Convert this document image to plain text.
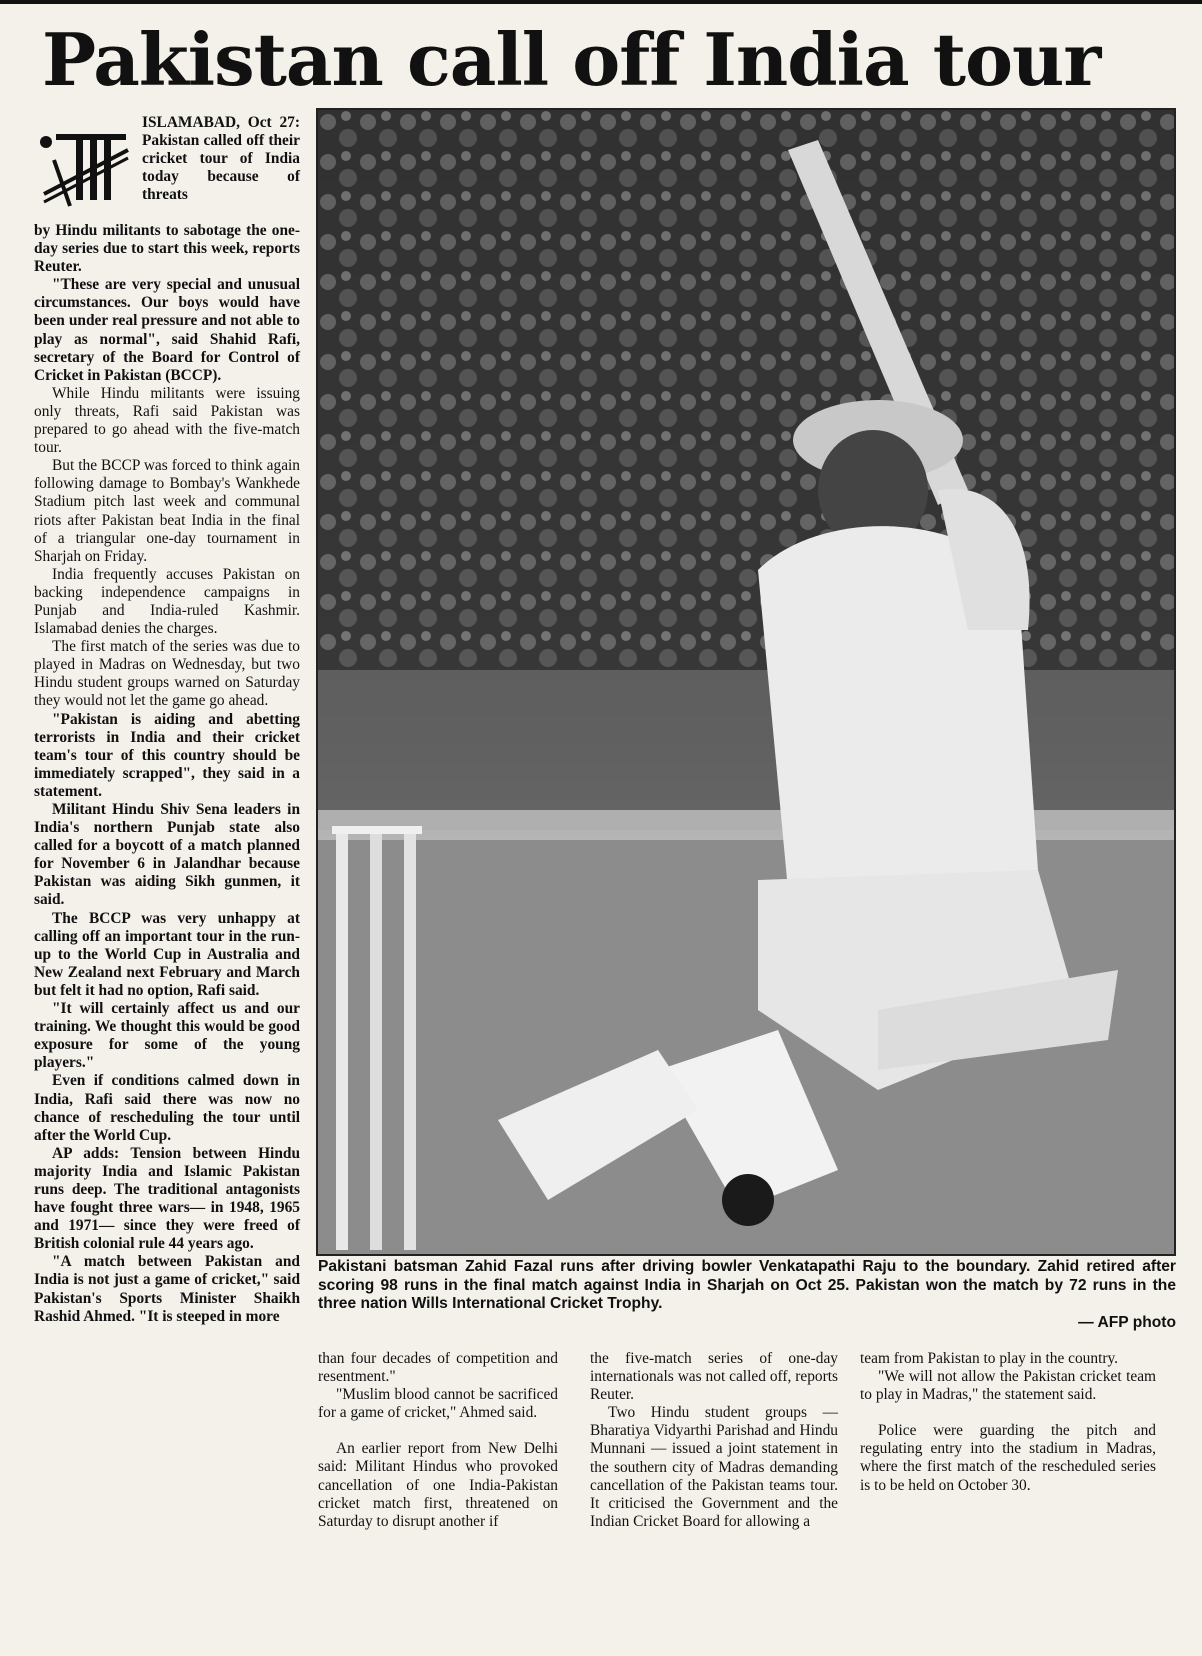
Pakistan call off India tour

ISLAMABAD, Oct 27: Pakistan called off their cricket tour of India today because of threats

by Hindu militants to sabotage the one-day series due to start this week, reports Reuter.

"These are very special and unusual circumstances. Our boys would have been under real pressure and not able to play as normal", said Shahid Rafi, secretary of the Board for Control of Cricket in Pakistan (BCCP).

While Hindu militants were issuing only threats, Rafi said Pakistan was prepared to go ahead with the five-match tour.

But the BCCP was forced to think again following damage to Bombay's Wankhede Stadium pitch last week and communal riots after Pakistan beat India in the final of a triangular one-day tournament in Sharjah on Friday.

India frequently accuses Pakistan on backing independence campaigns in Punjab and India-ruled Kashmir. Islamabad denies the charges.

The first match of the series was due to played in Madras on Wednesday, but two Hindu student groups warned on Saturday they would not let the game go ahead.

"Pakistan is aiding and abetting terrorists in India and their cricket team's tour of this country should be immediately scrapped", they said in a statement.

Militant Hindu Shiv Sena leaders in India's northern Punjab state also called for a boycott of a match planned for November 6 in Jalandhar because Pakistan was aiding Sikh gunmen, it said.

The BCCP was very unhappy at calling off an important tour in the run-up to the World Cup in Australia and New Zealand next February and March but felt it had no option, Rafi said.

"It will certainly affect us and our training. We thought this would be good exposure for some of the young players."

Even if conditions calmed down in India, Rafi said there was now no chance of rescheduling the tour until after the World Cup.

AP adds: Tension between Hindu majority India and Islamic Pakistan runs deep. The traditional antagonists have fought three wars— in 1948, 1965 and 1971— since they were freed of British colonial rule 44 years ago.

"A match between Pakistan and India is not just a game of cricket," said Pakistan's Sports Minister Shaikh Rashid Ahmed. "It is steeped in more

Pakistani batsman Zahid Fazal runs after driving bowler Venkatapathi Raju to the boundary. Zahid retired after scoring 98 runs in the final match against India in Sharjah on Oct 25. Pakistan won the match by 72 runs in the three nation Wills International Cricket Trophy.

— AFP photo

than four decades of competition and resentment."

"Muslim blood cannot be sacrificed for a game of cricket," Ahmed said.

An earlier report from New Delhi said: Militant Hindus who provoked cancellation of one India-Pakistan cricket match first, threatened on Saturday to disrupt another if

the five-match series of one-day internationals was not called off, reports Reuter.

Two Hindu student groups — Bharatiya Vidyarthi Parishad and Hindu Munnani — issued a joint statement in the southern city of Madras demanding cancellation of the Pakistan teams tour. It criticised the Government and the Indian Cricket Board for allowing a

team from Pakistan to play in the country.

"We will not allow the Pakistan cricket team to play in Madras," the statement said.

Police were guarding the pitch and regulating entry into the stadium in Madras, where the first match of the rescheduled series is to be held on October 30.
